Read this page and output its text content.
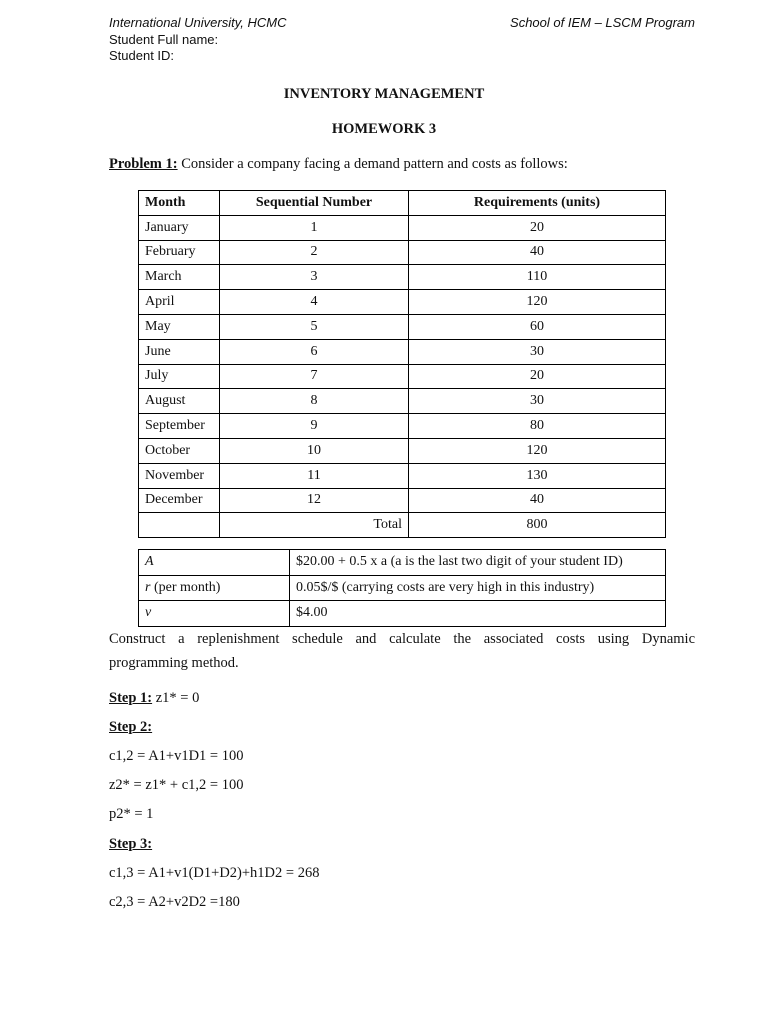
International University, HCMC
Student Full name:
Student ID:
School of IEM – LSCM Program
INVENTORY MANAGEMENT
HOMEWORK 3
Problem 1: Consider a company facing a demand pattern and costs as follows:
Month	Sequential Number	Requirements (units)
January	1	20
February	2	40
March	3	110
April	4	120
May	5	60
June	6	30
July	7	20
August	8	30
September	9	80
October	10	120
November	11	130
December	12	40
	Total	800
A	$20.00 + 0.5 x a (a is the last two digit of your student ID)
r (per month)	0.05$/$ (carrying costs are very high in this industry)
v	$4.00
Construct a replenishment schedule and calculate the associated costs using Dynamic
programming method.
Step 1: z1* = 0
Step 2:
c1,2 = A1+v1D1 = 100
z2* = z1* + c1,2 = 100
p2* = 1
Step 3:
c1,3 = A1+v1(D1+D2)+h1D2 = 268
c2,3 = A2+v2D2 =180
